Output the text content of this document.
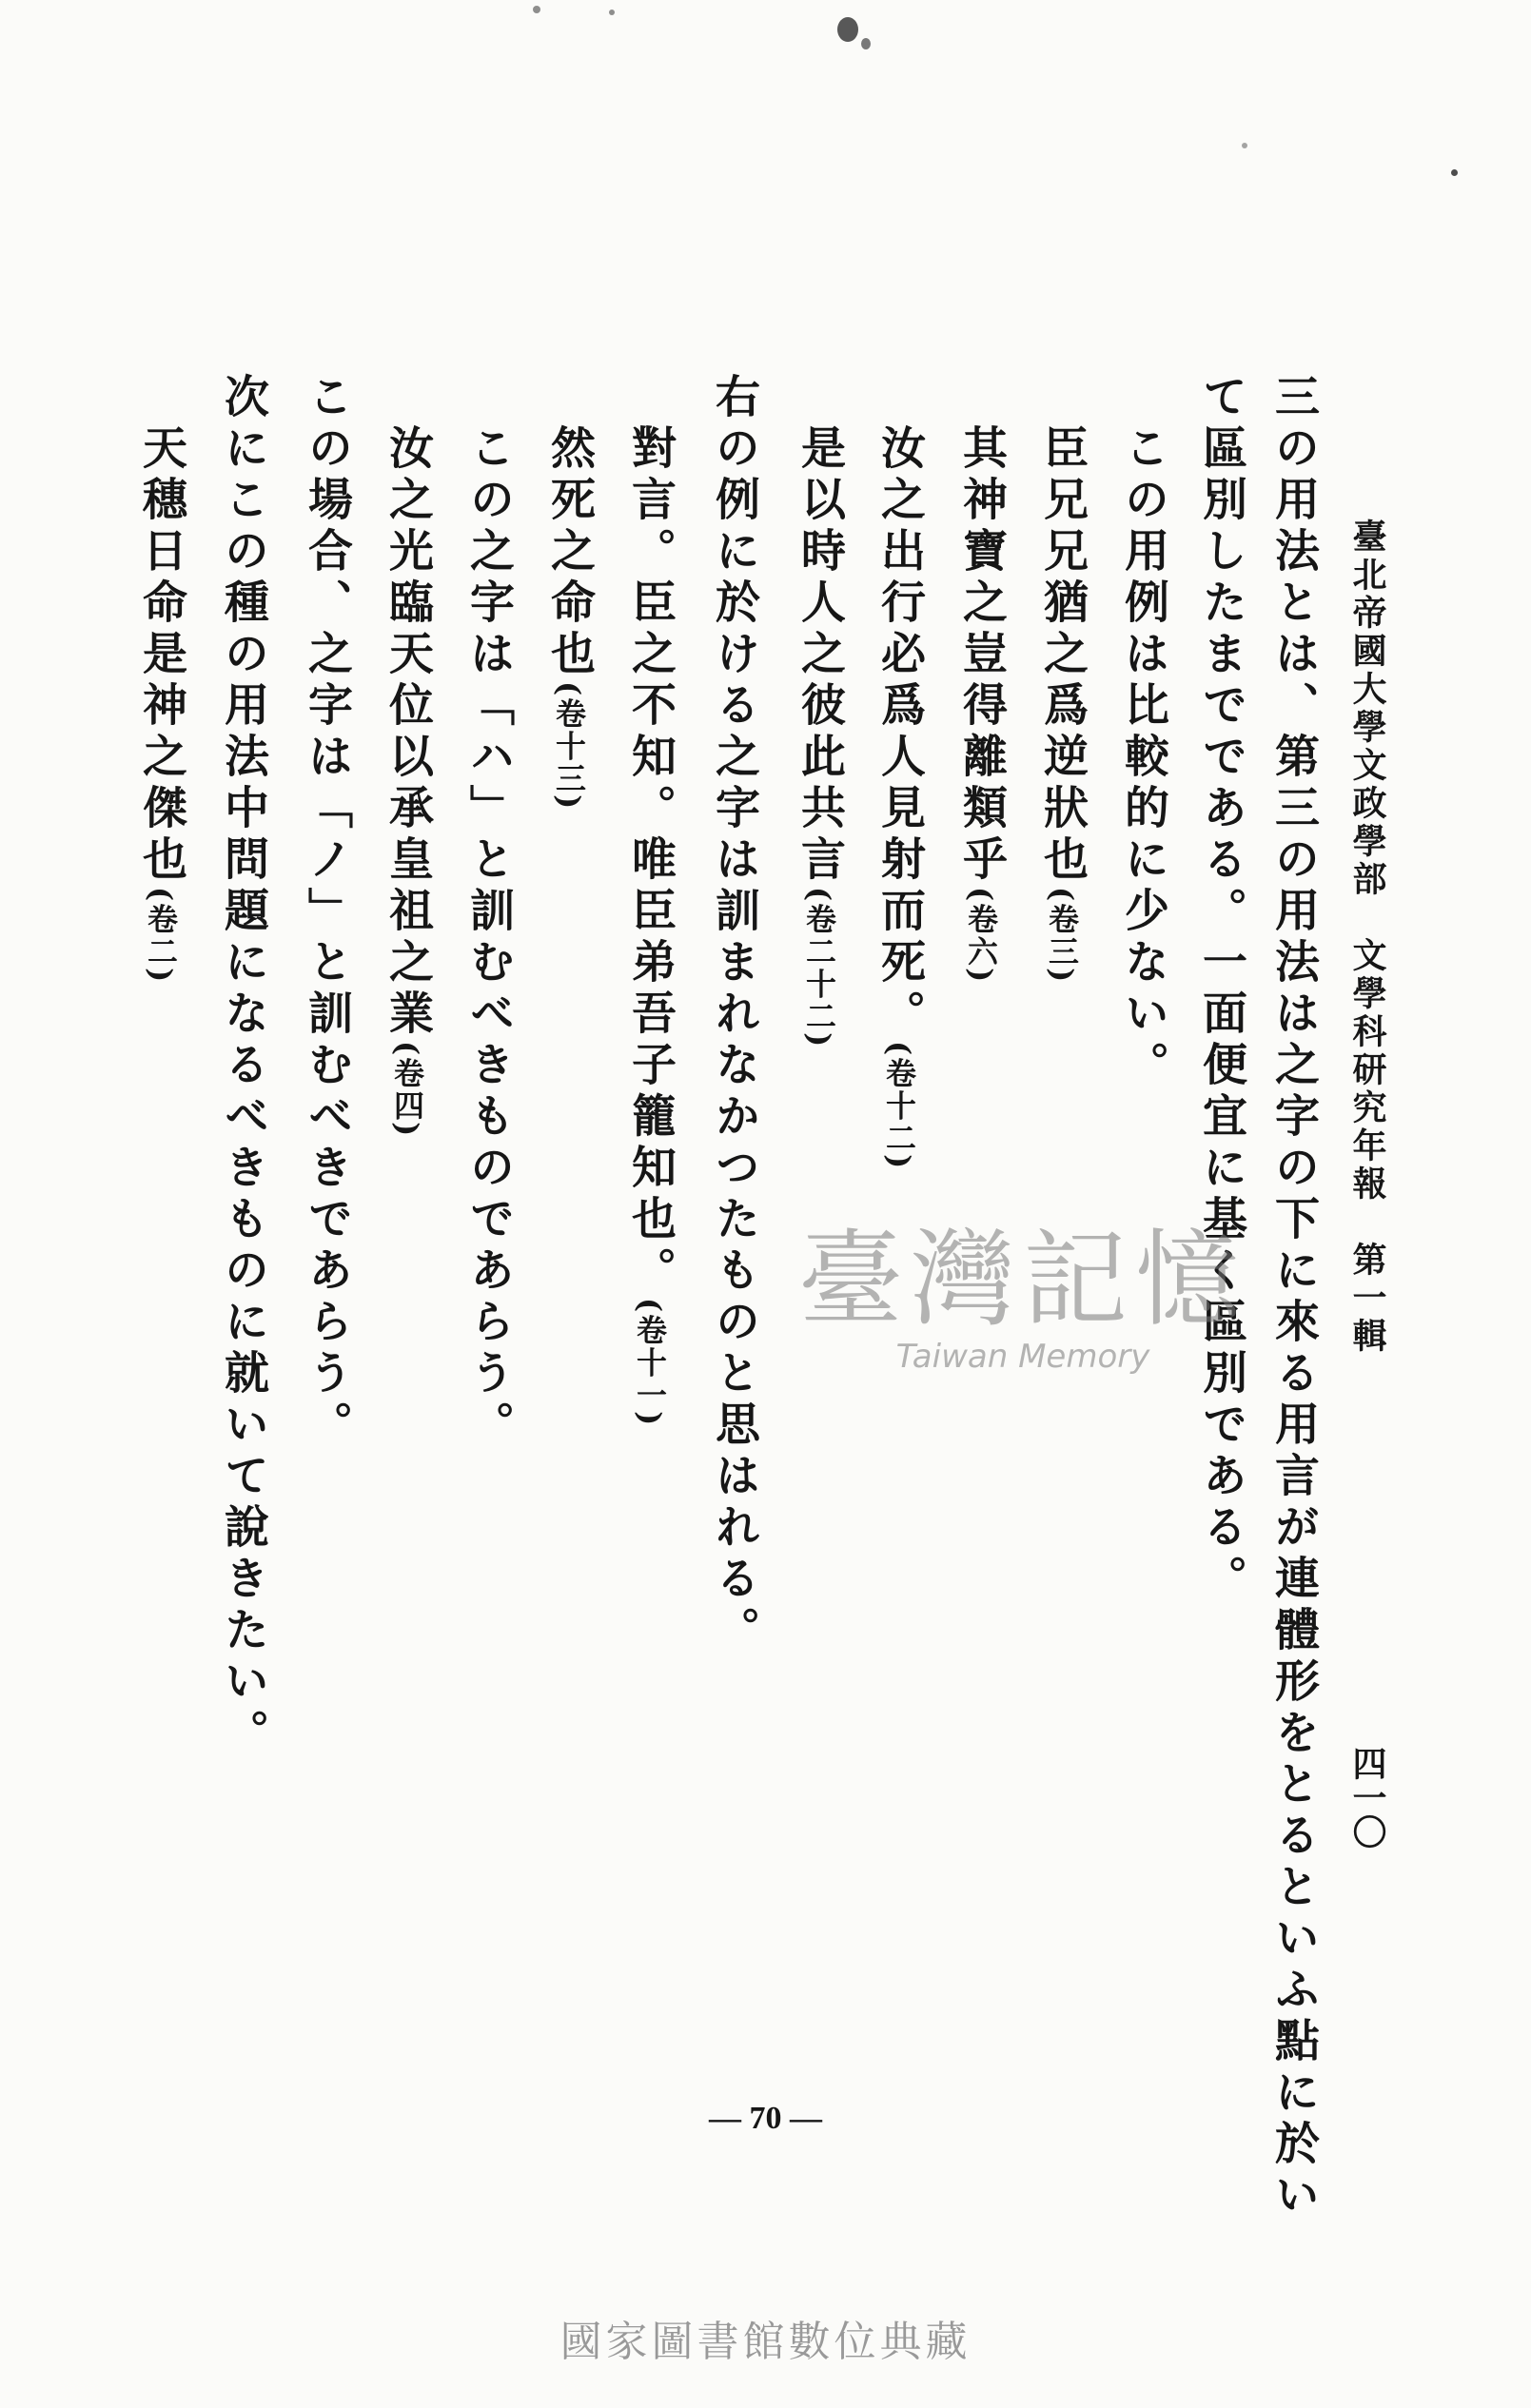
臺北帝國大學文政學部　文學科研究年報　第一輯
四一〇
三の用法とは、第三の用法は之字の下に來る用言が連體形をとるといふ點に於い
て區別したまでである。一面便宜に基く區別である。
　この用例は比較的に少ない。
　臣兄兄猶之爲逆狀也(卷三)
　其神寶之豈得離類乎(卷六)
　汝之出行必爲人見射而死。(卷十二)
　是以時人之彼此共言(卷二十二)
右の例に於ける之字は訓まれなかつたものと思はれる。
　對言。臣之不知。唯臣弟吾子籠知也。(卷十一)
　然死之命也(卷十三)
　この之字は「ハ」と訓むべきものであらう。
　汝之光臨天位以承皇祖之業(卷四)
この場合、之字は「ノ」と訓むべきであらう。
次にこの種の用法中問題になるべきものに就いて說きたい。
　天穗日命是神之傑也(卷二)
臺灣記憶
Taiwan Memory
— 70 —
國家圖書館數位典藏
